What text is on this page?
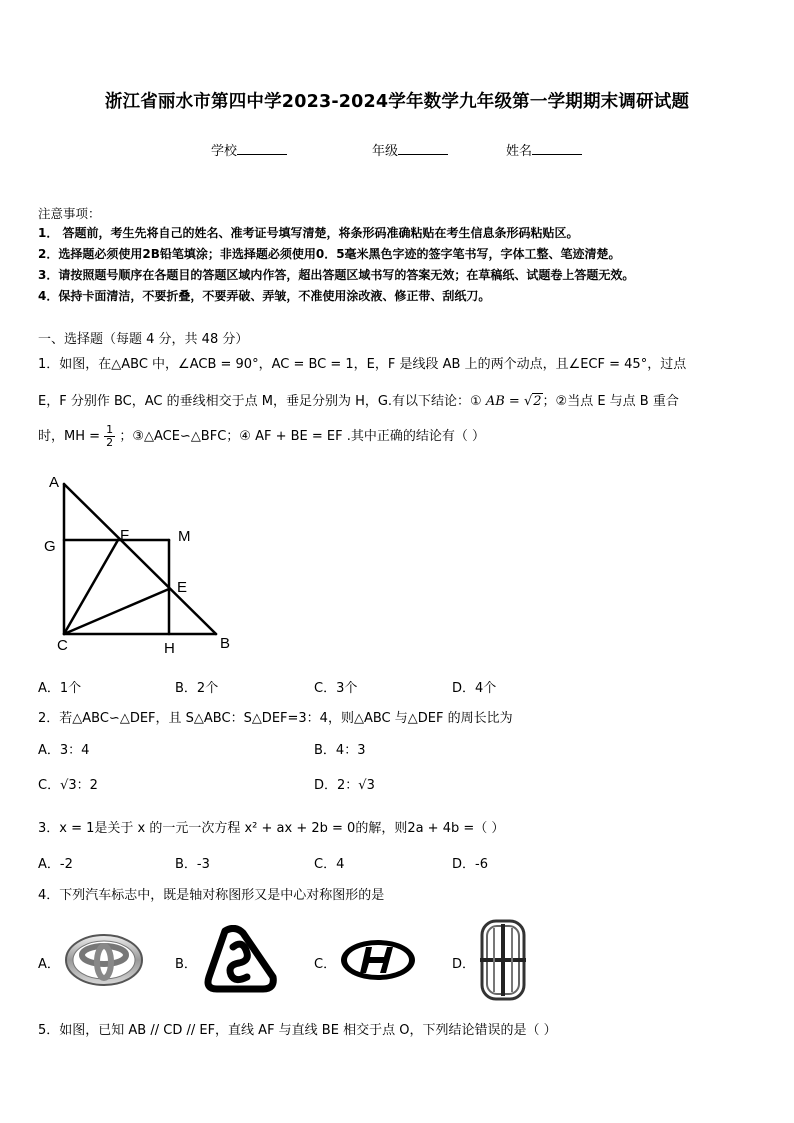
浙江省丽水市第四中学2023-2024学年数学九年级第一学期期末调研试题
学校	年级	姓名
注意事项：
1． 答题前，考生先将自己的姓名、准考证号填写清楚，将条形码准确粘贴在考生信息条形码粘贴区。
2．选择题必须使用2B铅笔填涂；非选择题必须使用0．5毫米黑色字迹的签字笔书写，字体工整、笔迹清楚。
3．请按照题号顺序在各题目的答题区域内作答，超出答题区域书写的答案无效；在草稿纸、试题卷上答题无效。
4．保持卡面清洁，不要折叠，不要弄破、弄皱，不准使用涂改液、修正带、刮纸刀。
一、选择题（每题 4 分，共 48 分）
1．如图，在△ABC 中，∠ACB = 90°，AC = BC = 1，E，F 是线段 AB 上的两个动点，且∠ECF = 45°，过点
E，F 分别作 BC，AC 的垂线相交于点 M，垂足分别为 H，G.有以下结论：① AB = √2；②当点 E 与点 B 重合
时，MH = $\frac{1}{2}$ ；③△ACE∽△BFC；④ AF + BE = EF .其中正确的结论有（ ）
A
G
F	M
E
C	H	B
A．1个	B．2个	C．3个	D．4个
2．若△ABC∽△DEF，且 S△ABC：S△DEF=3：4，则△ABC 与△DEF 的周长比为
A．3：4	B．4：3
C．√3：2	D．2：√3
3．x = 1是关于 x 的一元一次方程 x² + ax + 2b = 0的解，则2a + 4b =（ ）
A．-2	B．-3	C．4	D．-6
4．下列汽车标志中，既是轴对称图形又是中心对称图形的是
A．	B．	C．	D．
5．如图，已知 AB // CD // EF，直线 AF 与直线 BE 相交于点 O，下列结论错误的是（ ）
